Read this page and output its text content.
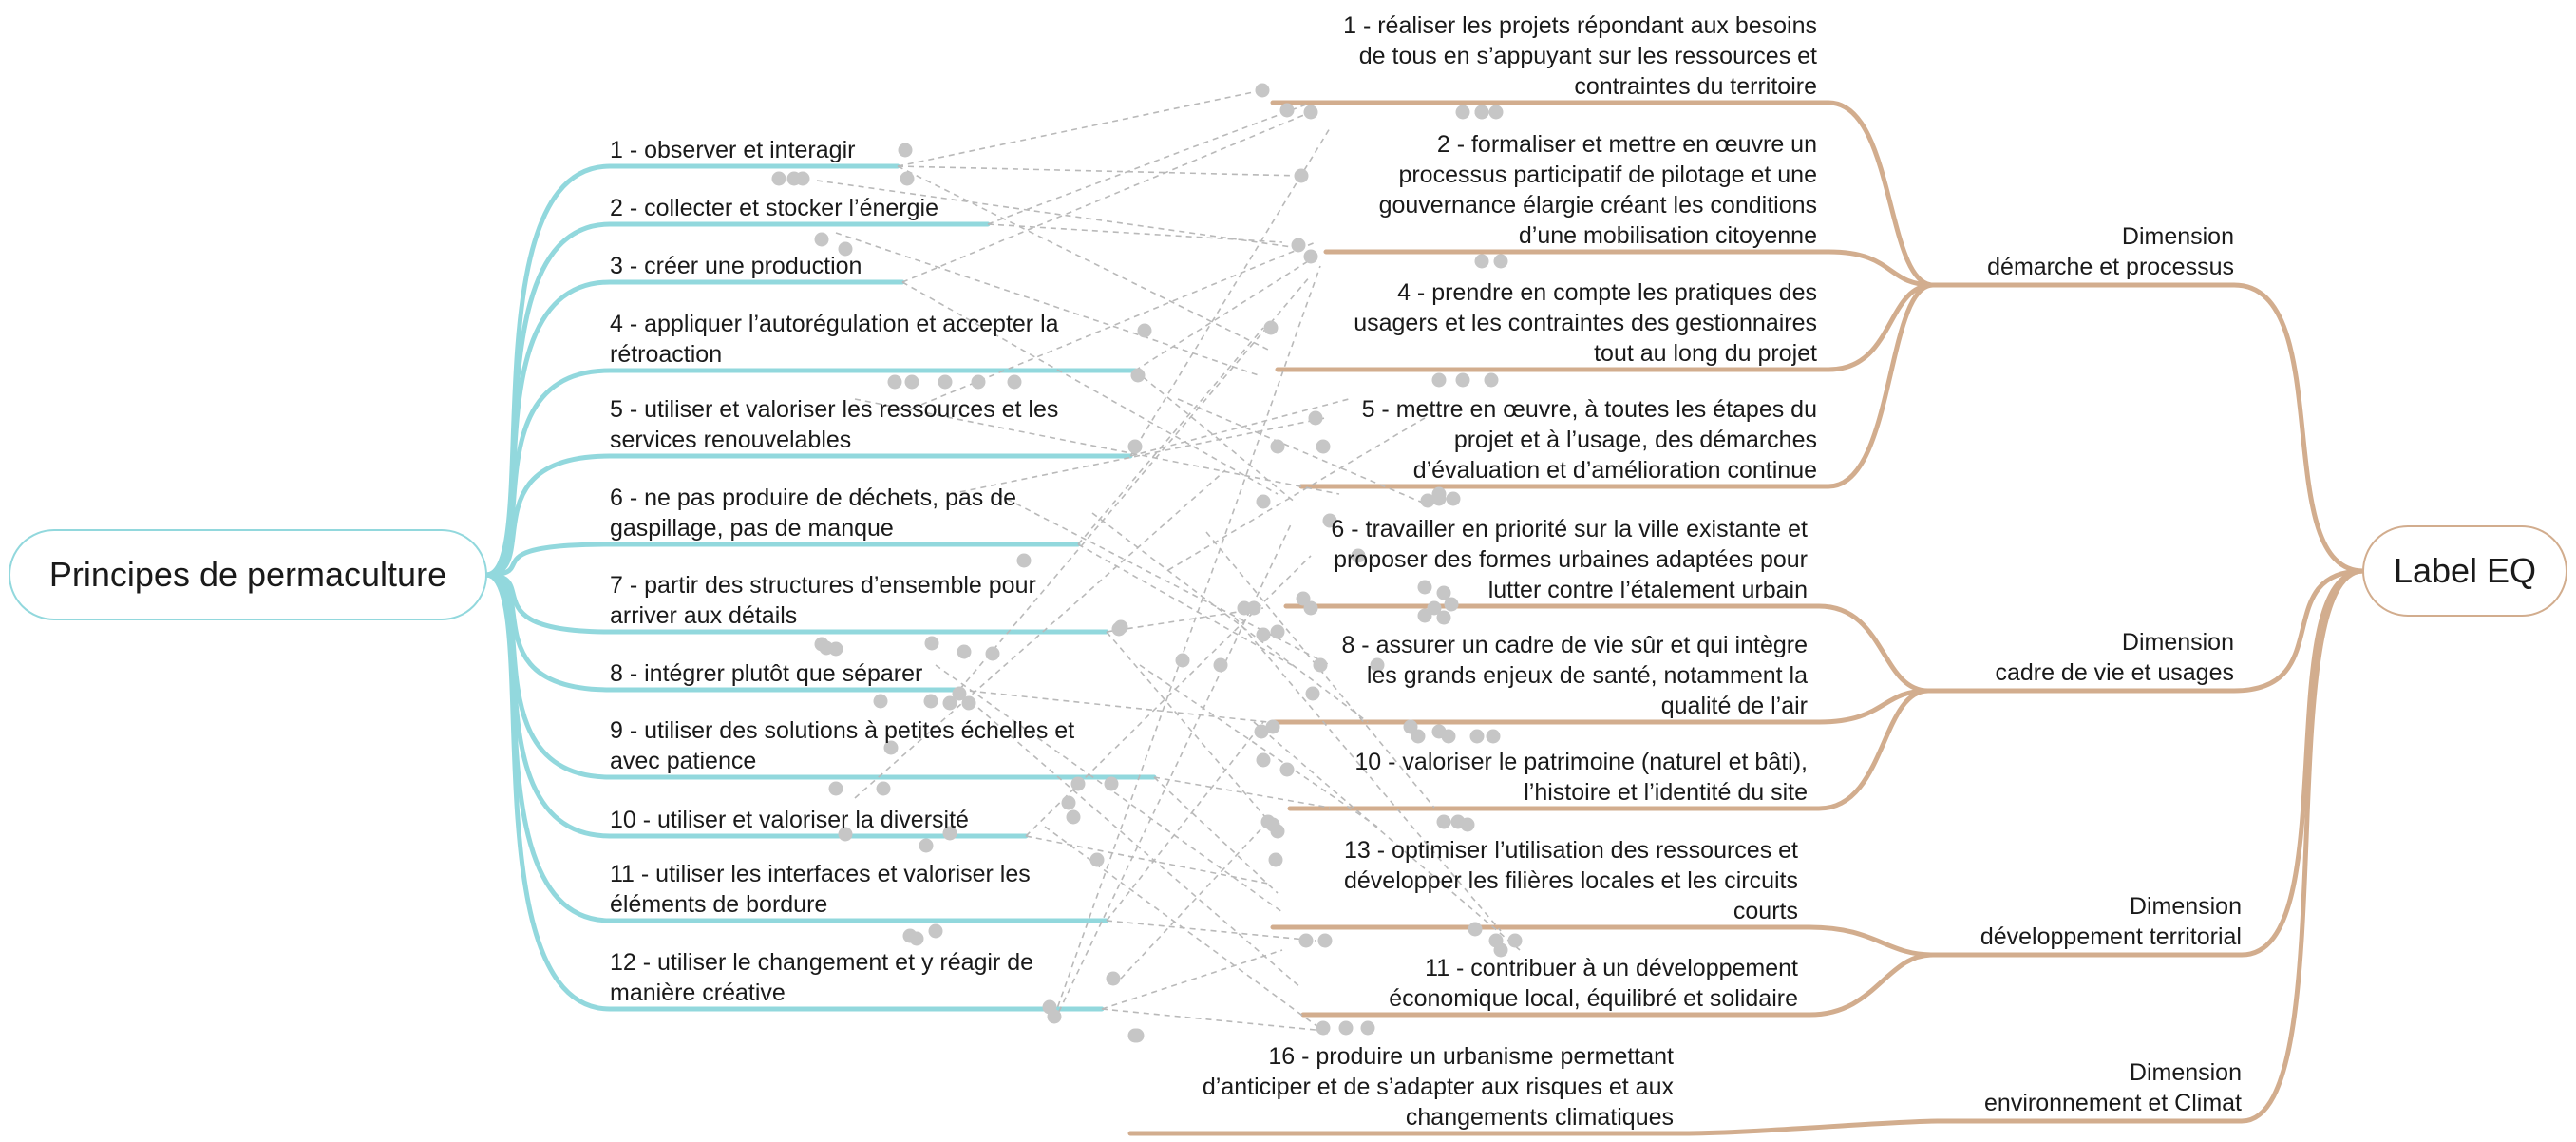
1 - observer et interagir
2 - collecter et stocker l’énergie
3 - créer une production
4 - appliquer l’autorégulation et accepter la
rétroaction
5 - utiliser et valoriser les ressources et les
services renouvelables
6 - ne pas produire de déchets, pas de
gaspillage, pas de manque
7 - partir des structures d’ensemble pour
arriver aux détails
8 - intégrer plutôt que séparer
9 - utiliser des solutions à petites échelles et
avec patience
10 - utiliser et valoriser la diversité
11 - utiliser les interfaces et valoriser les
éléments de bordure
12 - utiliser le changement et y réagir de
manière créative
1 - réaliser les projets répondant aux besoins
de tous en s’appuyant sur les ressources et
contraintes du territoire
2 - formaliser et mettre en œuvre un
processus participatif de pilotage et une
gouvernance élargie créant les conditions
d’une mobilisation citoyenne
4 - prendre en compte les pratiques des
usagers et les contraintes des gestionnaires
tout au long du projet
5 - mettre en œuvre, à toutes les étapes du
projet et à l’usage, des démarches
d’évaluation et d’amélioration continue
6 - travailler en priorité sur la ville existante et
proposer des formes urbaines adaptées pour
lutter contre l’étalement urbain
8 - assurer un cadre de vie sûr et qui intègre
les grands enjeux de santé, notamment la
qualité de l’air
10 - valoriser le patrimoine (naturel et bâti),
l’histoire et l’identité du site
13 - optimiser l’utilisation des ressources et
développer les filières locales et les circuits
courts
11 - contribuer à un développement
économique local, équilibré et solidaire
16 - produire un urbanisme permettant
d’anticiper et de s’adapter aux risques et aux
changements climatiques
Dimension
démarche et processus
Dimension
cadre de vie et usages
Dimension
développement territorial
Dimension
environnement et Climat
Principes de permaculture	Label EQ
